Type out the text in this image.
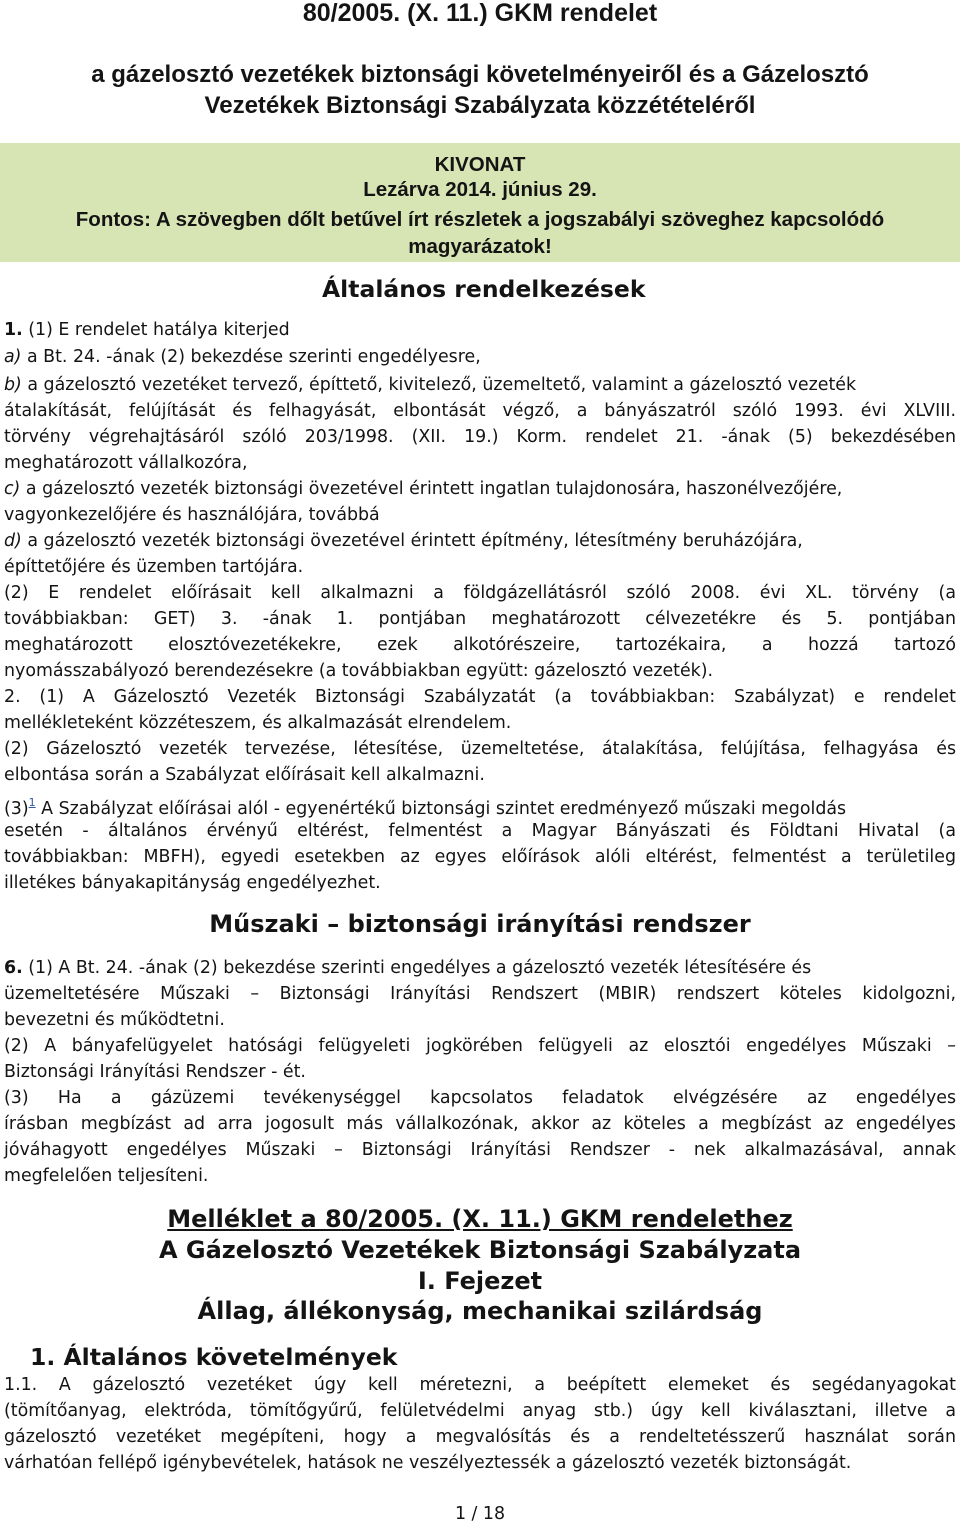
80/2005. (X. 11.) GKM rendelet
a gázelosztó vezetékek biztonsági követelményeiről és a Gázelosztó
Vezetékek Biztonsági Szabályzata közzétételéről
KIVONAT
Lezárva 2014. június 29.
Fontos: A szövegben dőlt betűvel írt részletek a jogszabályi szöveghez kapcsolódó
magyarázatok!
Általános rendelkezések
1. (1) E rendelet hatálya kiterjed
a) a Bt. 24. -ának (2) bekezdése szerinti engedélyesre,
b) a gázelosztó vezetéket tervező, építtető, kivitelező, üzemeltető, valamint a gázelosztó vezeték
átalakítását, felújítását és felhagyását, elbontását végző, a bányászatról szóló 1993. évi XLVIII.
törvény végrehajtásáról szóló 203/1998. (XII. 19.) Korm. rendelet 21. -ának (5) bekezdésében
meghatározott vállalkozóra,
c) a gázelosztó vezeték biztonsági övezetével érintett ingatlan tulajdonosára, haszonélvezőjére,
vagyonkezelőjére és használójára, továbbá
d) a gázelosztó vezeték biztonsági övezetével érintett építmény, létesítmény beruházójára,
építtetőjére és üzemben tartójára.
(2) E rendelet előírásait kell alkalmazni a földgázellátásról szóló 2008. évi XL. törvény (a
továbbiakban: GET) 3. -ának 1. pontjában meghatározott célvezetékre és 5. pontjában
meghatározott elosztóvezetékekre, ezek alkotórészeire, tartozékaira, a hozzá tartozó
nyomásszabályozó berendezésekre (a továbbiakban együtt: gázelosztó vezeték).
2. (1) A Gázelosztó Vezeték Biztonsági Szabályzatát (a továbbiakban: Szabályzat) e rendelet
mellékleteként közzéteszem, és alkalmazását elrendelem.
(2) Gázelosztó vezeték tervezése, létesítése, üzemeltetése, átalakítása, felújítása, felhagyása és
elbontása során a Szabályzat előírásait kell alkalmazni.
$(3)^1$ A Szabályzat előírásai alól - egyenértékű biztonsági szintet eredményező műszaki megoldás
esetén - általános érvényű eltérést, felmentést a Magyar Bányászati és Földtani Hivatal (a
továbbiakban: MBFH), egyedi esetekben az egyes előírások alóli eltérést, felmentést a területileg
illetékes bányakapitányság engedélyezhet.
Műszaki – biztonsági irányítási rendszer
6. (1) A Bt. 24. -ának (2) bekezdése szerinti engedélyes a gázelosztó vezeték létesítésére és
üzemeltetésére Műszaki – Biztonsági Irányítási Rendszert (MBIR) rendszert köteles kidolgozni,
bevezetni és működtetni.
(2) A bányafelügyelet hatósági felügyeleti jogkörében felügyeli az elosztói engedélyes Műszaki –
Biztonsági Irányítási Rendszer - ét.
(3) Ha a gázüzemi tevékenységgel kapcsolatos feladatok elvégzésére az engedélyes
írásban megbízást ad arra jogosult más vállalkozónak, akkor az köteles a megbízást az engedélyes
jóváhagyott engedélyes Műszaki – Biztonsági Irányítási Rendszer - nek alkalmazásával, annak
megfelelően teljesíteni.
Melléklet a 80/2005. (X. 11.) GKM rendelethez
A Gázelosztó Vezetékek Biztonsági Szabályzata
I. Fejezet
Állag, állékonyság, mechanikai szilárdság
1. Általános követelmények
1.1. A gázelosztó vezetéket úgy kell méretezni, a beépített elemeket és segédanyagokat
(tömítőanyag, elektróda, tömítőgyűrű, felületvédelmi anyag stb.) úgy kell kiválasztani, illetve a
gázelosztó vezetéket megépíteni, hogy a megvalósítás és a rendeltetésszerű használat során
várhatóan fellépő igénybevételek, hatások ne veszélyeztessék a gázelosztó vezeték biztonságát.
1 / 18
